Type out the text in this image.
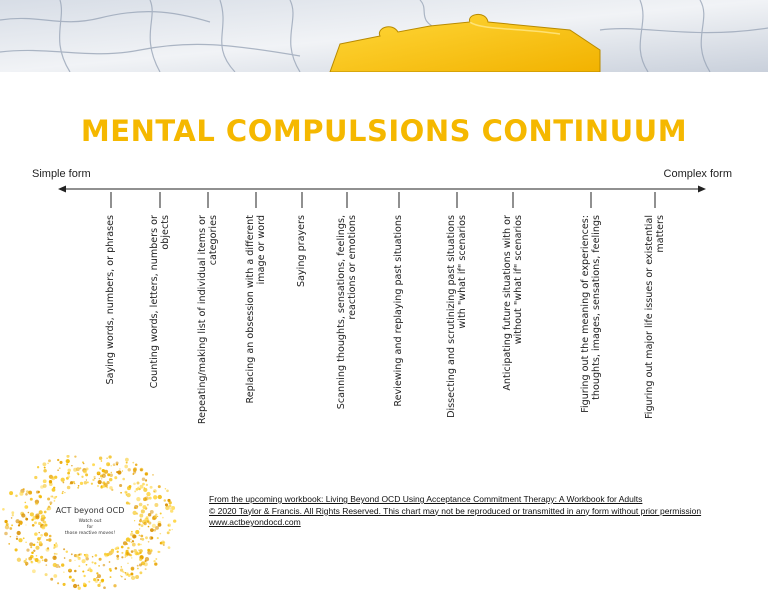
MENTAL COMPULSIONS CONTINUUM
Simple form	Complex form
Saying words, numbers, or phrases	Counting words, letters, numbers or objects	Repeating/making list of individual items or categories	Replacing an obsession with a different image or word	Saying prayers	Scanning thoughts, sensations, feelings, reactions or emotions	Reviewing and replaying past situations	Dissecting and scrutinizing past situations with "what if" scenarios	Anticipating future situations with or without "what if" scenarios	Figuring out the meaning of experiences: thoughts, images, sensations, feelings	Figuring out major life issues or existential matters
ACT beyond OCD
Watch out
for
those reactive moves!
From the upcoming workbook: Living Beyond OCD Using Acceptance Commitment Therapy: A Workbook for Adults
© 2020 Taylor & Francis. All Rights Reserved. This chart may not be reproduced or transmitted in any form without prior permission
www.actbeyondocd.com
